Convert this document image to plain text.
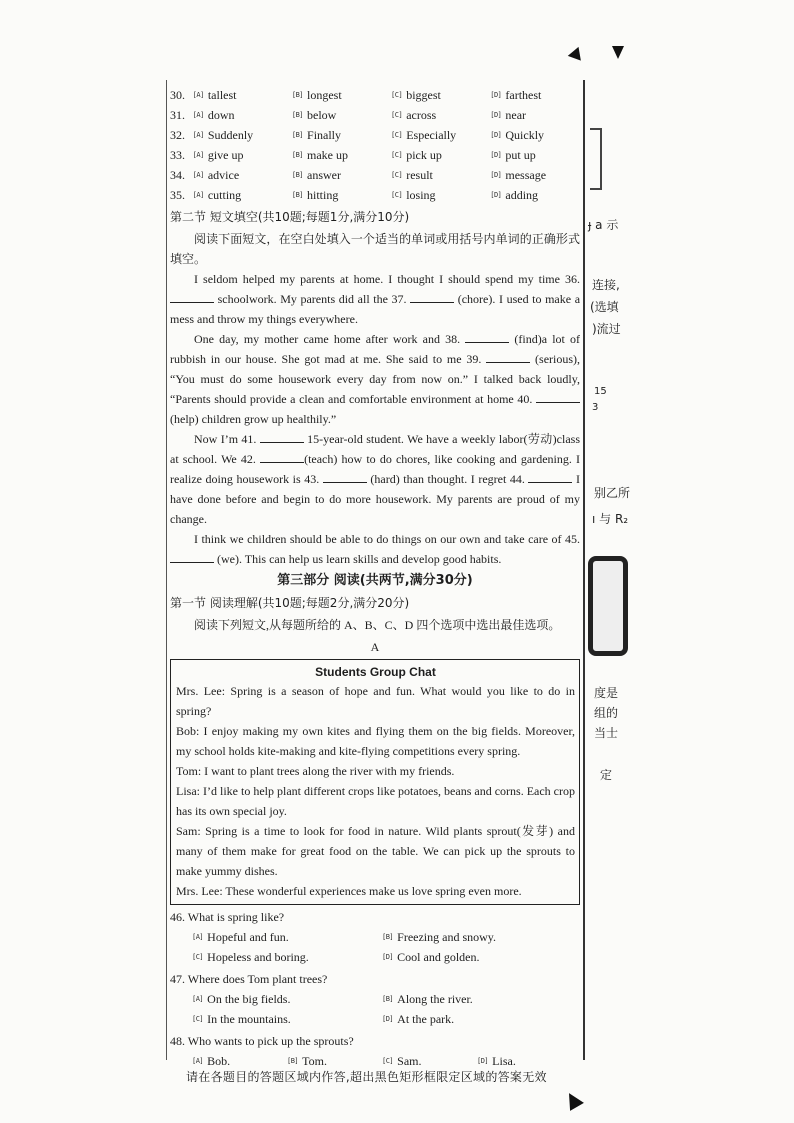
ɟ a 示
连接,
(选填
)流过
15
3
别乙所
ı 与 R₂
度是
组的
当士
定
30.	[A] tallest	[B] longest	[C] biggest	[D] farthest
31.	[A] down	[B] below	[C] across	[D] near
32.	[A] Suddenly	[B] Finally	[C] Especially	[D] Quickly
33.	[A] give up	[B] make up	[C] pick up	[D] put up
34.	[A] advice	[B] answer	[C] result	[D] message
35.	[A] cutting	[B] hitting	[C] losing	[D] adding
第二节 短文填空(共10题;每题1分,满分10分)

阅读下面短文，在空白处填入一个适当的单词或用括号内单词的正确形式填空。

I seldom helped my parents at home. I thought I should spend my time 36.  schoolwork. My parents did all the 37.	(chore). I used to make a mess and throw my things everywhere.

One day, my mother came home after work and 38.	(find)a lot of rubbish in our house. She got mad at me. She said to me 39.	(serious), “You must do some housework every day from now on.” I talked back loudly, “Parents should provide a clean and comfortable environment at home 40. (help) children grow up healthily.”

Now I’m 41.	15-year-old student. We have a weekly labor(劳动)class at school. We 42.	(teach) how to do chores, like cooking and gardening. I realize doing housework is 43.	(hard) than thought. I regret 44.	I have done before and begin to do more housework. My parents are proud of my change.

I think we children should be able to do things on our own and take care of 45.  (we). This can help us learn skills and develop good habits.

第三部分 阅读(共两节,满分30分)
第一节 阅读理解(共10题;每题2分,满分20分)

阅读下列短文,从每题所给的 A、B、C、D 四个选项中选出最佳选项。

A
Students Group Chat

Mrs. Lee: Spring is a season of hope and fun. What would you like to do in spring?

Bob: I enjoy making my own kites and flying them on the big fields. Moreover, my school holds kite-making and kite-flying competitions every spring.

Tom: I want to plant trees along the river with my friends.

Lisa: I’d like to help plant different crops like potatoes, beans and corns. Each crop has its own special joy.

Sam: Spring is a time to look for food in nature. Wild plants sprout(发芽) and many of them make for great food on the table. We can pick up the sprouts to make yummy dishes.

Mrs. Lee: These wonderful experiences make us love spring even more.

46. What is spring like?
[A] Hopeful and fun.	[B] Freezing and snowy.
[C] Hopeless and boring.	[D] Cool and golden.
47. Where does Tom plant trees?
[A] On the big fields.	[B] Along the river.
[C] In the mountains.	[D] At the park.
48. Who wants to pick up the sprouts?
[A] Bob.	[B] Tom.	[C] Sam.	[D] Lisa.
请在各题目的答题区域内作答,超出黑色矩形框限定区域的答案无效
